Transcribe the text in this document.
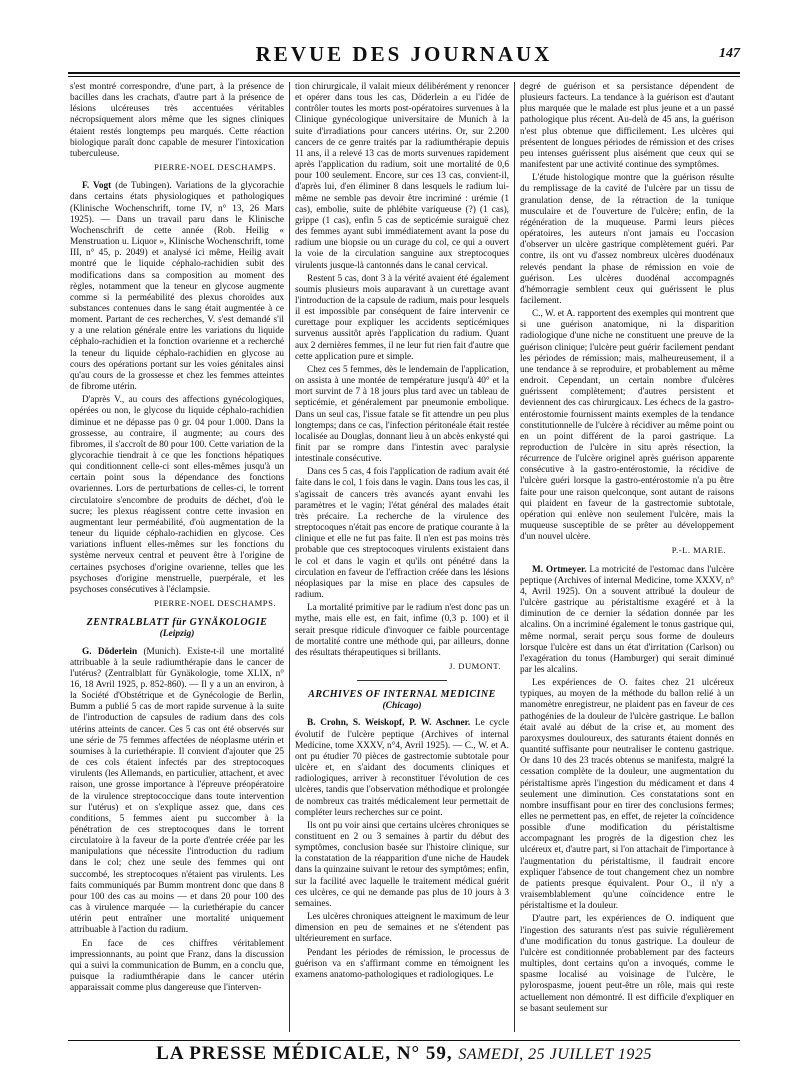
REVUE DES JOURNAUX	147

s'est montré correspondre, d'une part, à la présence de bacilles dans les crachats, d'autre part à la présence de lésions ulcéreuses très accentuées véritables nécropsiquement alors même que les signes cliniques étaient restés longtemps peu marqués. Cette réaction biologique paraît donc capable de mesurer l'intoxication tuberculeuse.

PIERRE-NOEL DESCHAMPS.

F. Vogt (de Tubingen). Variations de la glycorachie dans certains états physiologiques et pathologiques (Klinische Wochenschrift, tome IV, n° 13, 26 Mars 1925). — Dans un travail paru dans le Klinische Wochenschrift de cette année (Rob. Heilig « Menstruation u. Liquor », Klinische Wochenschrift, tome III, n° 45, p. 2049) et analysé ici même, Heilig avait montré que le liquide céphalo-rachidien subit des modifications dans sa composition au moment des règles, notamment que la teneur en glycose augmente comme si la perméabilité des plexus choroïdes aux substances contenues dans le sang était augmentée à ce moment. Partant de ces recherches, V. s'est demandé s'il y a une relation générale entre les variations du liquide céphalo-rachidien et la fonction ovarienne et a recherché la teneur du liquide céphalo-rachidien en glycose au cours des opérations portant sur les voies génitales ainsi qu'au cours de la grossesse et chez les femmes atteintes de fibrome utérin.

D'après V., au cours des affections gynécologiques, opérées ou non, le glycose du liquide céphalo-rachidien diminue et ne dépasse pas 0 gr. 04 pour 1.000. Dans la grossesse, au contraire, il augmente; au cours des fibromes, il s'accroît de 80 pour 100. Cette variation de la glycorachie tiendrait à ce que les fonctions hépatiques qui conditionnent celle-ci sont elles-mêmes jusqu'à un certain point sous la dépendance des fonctions ovariennes. Lors de perturbations de celles-ci, le torrent circulatoire s'encombre de produits de déchet, d'où le sucre; les plexus réagissent contre cette invasion en augmentant leur perméabilité, d'où augmentation de la teneur du liquide céphalo-rachidien en glycose. Ces variations influent elles-mêmes sur les fonctions du système nerveux central et peuvent être à l'origine de certaines psychoses d'origine ovarienne, telles que les psychoses d'origine menstruelle, puerpérale, et les psychoses consécutives à l'éclampsie.

PIERRE-NOEL DESCHAMPS.
ZENTRALBLATT für GYNÄKOLOGIE
(Leipzig)

G. Döderlein (Munich). Existe-t-il une mortalité attribuable à la seule radiumthérapie dans le cancer de l'utérus? (Zentralblatt für Gynäkologie, tome XLIX, n° 16, 18 Avril 1925, p. 852-860). — Il y a un an environ, à la Société d'Obstétrique et de Gynécologie de Berlin, Bumm a publié 5 cas de mort rapide survenue à la suite de l'introduction de capsules de radium dans des cols utérins atteints de cancer. Ces 5 cas ont été observés sur une série de 75 femmes affectées de néoplasme utérin et soumises à la curiethérapie. Il convient d'ajouter que 25 de ces cols étaient infectés par des streptocoques virulents (les Allemands, en particulier, attachent, et avec raison, une grosse importance à l'épreuve préopératoire de la virulence streptococcique dans toute intervention sur l'utérus) et on s'explique assez que, dans ces conditions, 5 femmes aient pu succomber à la pénétration de ces streptocoques dans le torrent circulatoire à la faveur de la porte d'entrée créée par les manipulations que nécessite l'introduction du radium dans le col; chez une seule des femmes qui ont succombé, les streptocoques n'étaient pas virulents. Les faits communiqués par Bumm montrent donc que dans 8 pour 100 des cas au moins — et dans 20 pour 100 des cas à virulence marquée — la curiethérapie du cancer utérin peut entraîner une mortalité uniquement attribuable à l'action du radium.

En face de ces chiffres véritablement impressionnants, au point que Franz, dans la discussion qui a suivi la communication de Bumm, en a conclu que, puisque la radiumthérapie dans le cancer utérin apparaissait comme plus dangereuse que l'interven-

tion chirurgicale, il valait mieux délibérément y renoncer et opérer dans tous les cas, Döderlein a eu l'idée de contrôler toutes les morts post-opératoires survenues à la Clinique gynécologique universitaire de Munich à la suite d'irradiations pour cancers utérins. Or, sur 2.200 cancers de ce genre traités par la radiumthérapie depuis 11 ans, il a relevé 13 cas de morts survenues rapidement après l'application du radium, soit une mortalité de 0,6 pour 100 seulement. Encore, sur ces 13 cas, convient-il, d'après lui, d'en éliminer 8 dans lesquels le radium lui-même ne semble pas devoir être incriminé : urémie (1 cas), embolie, suite de phlébite variqueuse (?) (1 cas), grippe (1 cas), enfin 5 cas de septicémie suraiguë chez des femmes ayant subi immédiatement avant la pose du radium une biopsie ou un curage du col, ce qui a ouvert la voie de la circulation sanguine aux streptocoques virulents jusque-là cantonnés dans le canal cervical.

Restent 5 cas, dont 3 à la vérité avaient été également soumis plusieurs mois auparavant à un curettage avant l'introduction de la capsule de radium, mais pour lesquels il est impossible par conséquent de faire intervenir ce curettage pour expliquer les accidents septicémiques survenus aussitôt après l'application du radium. Quant aux 2 dernières femmes, il ne leur fut rien fait d'autre que cette application pure et simple.

Chez ces 5 femmes, dès le lendemain de l'application, on assista à une montée de température jusqu'à 40° et la mort survint de 7 à 18 jours plus tard avec un tableau de septicémie, et généralement par pneumonie embolique. Dans un seul cas, l'issue fatale se fit attendre un peu plus longtemps; dans ce cas, l'infection péritonéale était restée localisée au Douglas, donnant lieu à un abcès enkysté qui finit par se rompre dans l'intestin avec paralysie intestinale consécutive.

Dans ces 5 cas, 4 fois l'application de radium avait été faite dans le col, 1 fois dans le vagin. Dans tous les cas, il s'agissait de cancers très avancés ayant envahi les paramètres et le vagin; l'état général des malades était très précaire. La recherche de la virulence des streptocoques n'était pas encore de pratique courante à la clinique et elle ne fut pas faite. Il n'en est pas moins très probable que ces streptocoques virulents existaient dans le col et dans le vagin et qu'ils ont pénétré dans la circulation en faveur de l'effraction créée dans les lésions néoplasiques par la mise en place des capsules de radium.

La mortalité primitive par le radium n'est donc pas un mythe, mais elle est, en fait, infime (0,3 p. 100) et il serait presque ridicule d'invoquer ce faible pourcentage de mortalité contre une méthode qui, par ailleurs, donne des résultats thérapeutiques si brillants.

J. DUMONT.
ARCHIVES OF INTERNAL MEDICINE
(Chicago)

B. Crohn, S. Weiskopf, P. W. Aschner. Le cycle évolutif de l'ulcère peptique (Archives of internal Medicine, tome XXXV, n°4, Avril 1925). — C., W. et A. ont pu étudier 70 pièces de gastrectomie subtotale pour ulcère et, en s'aidant des documents cliniques et radiologiques, arriver à reconstituer l'évolution de ces ulcères, tandis que l'observation méthodique et prolongée de nombreux cas traités médicalement leur permettait de compléter leurs recherches sur ce point.

Ils ont pu voir ainsi que certains ulcères chroniques se constituent en 2 ou 3 semaines à partir du début des symptômes, conclusion basée sur l'histoire clinique, sur la constatation de la réapparition d'une niche de Haudek dans la quinzaine suivant le retour des symptômes; enfin, sur la facilité avec laquelle le traitement médical guérit ces ulcères, ce qui ne demande pas plus de 10 jours à 3 semaines.

Les ulcères chroniques atteignent le maximum de leur dimension en peu de semaines et ne s'étendent pas ultérieurement en surface.

Pendant les périodes de rémission, le processus de guérison va en s'affirmant comme en témoignent les examens anatomo-pathologiques et radiologiques. Le

degré de guérison et sa persistance dépendent de plusieurs facteurs. La tendance à la guérison est d'autant plus marquée que le malade est plus jeune et a un passé pathologique plus récent. Au-delà de 45 ans, la guérison n'est plus obtenue que difficilement. Les ulcères qui présentent de longues périodes de rémission et des crises peu intenses guérissent plus aisément que ceux qui se manifestent par une activité continue des symptômes.

L'étude histologique montre que la guérison résulte du remplissage de la cavité de l'ulcère par un tissu de granulation dense, de la rétraction de la tunique musculaire et de l'ouverture de l'ulcère; enfin, de la régénération de la muqueuse. Parmi leurs pièces opératoires, les auteurs n'ont jamais eu l'occasion d'observer un ulcère gastrique complètement guéri. Par contre, ils ont vu d'assez nombreux ulcères duodénaux relevés pendant la phase de rémission en voie de guérison. Les ulcères duodénal accompagnés d'hémorragie semblent ceux qui guérissent le plus facilement.

C., W. et A. rapportent des exemples qui montrent que si une guérison anatomique, ni la disparition radiologique d'une niche ne constituent une preuve de la guérison clinique; l'ulcère peut guérir facilement pendant les périodes de rémission; mais, malheureusement, il a une tendance à se reproduire, et probablement au même endroit. Cependant, un certain nombre d'ulcères guérissent complètement; d'autres persistent et deviennent des cas chirurgicaux. Les échecs de la gastro-entérostomie fournissent maints exemples de la tendance constitutionnelle de l'ulcère à récidiver au même point ou en un point différent de la paroi gastrique. La reproduction de l'ulcère in situ après résection, la récurrence de l'ulcère originel après guérison apparente consécutive à la gastro-entérostomie, la récidive de l'ulcère guéri lorsque la gastro-entérostomie n'a pu être faite pour une raison quelconque, sont autant de raisons qui plaident en faveur de la gastrectomie subtotale, opération qui enlève non seulement l'ulcère, mais la muqueuse susceptible de se prêter au développement d'un nouvel ulcère.

P.-L. MARIE.

M. Ortmeyer. La motricité de l'estomac dans l'ulcère peptique (Archives of internal Medicine, tome XXXV, n° 4, Avril 1925). On a souvent attribué la douleur de l'ulcère gastrique au péristaltisme exagéré et à la diminution de ce dernier la sédation donnée par les alcalins. On a incriminé également le tonus gastrique qui, même normal, serait perçu sous forme de douleurs lorsque l'ulcère est dans un état d'irritation (Carlson) ou l'exagération du tonus (Hamburger) qui serait diminué par les alcalins.

Les expériences de O. faites chez 21 ulcéreux typiques, au moyen de la méthode du ballon relié à un manomètre enregistreur, ne plaident pas en faveur de ces pathogénies de la douleur de l'ulcère gastrique. Le ballon était avalé au début de la crise et, au moment des paroxysmes douloureux, des saturants étaient donnés en quantité suffisante pour neutraliser le contenu gastrique. Or dans 10 des 23 tracés obtenus se manifesta, malgré la cessation complète de la douleur, une augmentation du péristaltisme après l'ingestion du médicament et dans 4 seulement une diminution. Ces constatations sont en nombre insuffisant pour en tirer des conclusions fermes; elles ne permettent pas, en effet, de rejeter la coïncidence possible d'une modification du péristaltisme accompagnant les progrès de la digestion chez les ulcéreux et, d'autre part, si l'on attachait de l'importance à l'augmentation du péristaltisme, il faudrait encore expliquer l'absence de tout changement chez un nombre de patients presque équivalent. Pour O., il n'y a vraisemblablement qu'une coïncidence entre le péristaltisme et la douleur.

D'autre part, les expériences de O. indiquent que l'ingestion des saturants n'est pas suivie régulièrement d'une modification du tonus gastrique. La douleur de l'ulcère est conditionnée probablement par des facteurs multiples, dont certains qu'on a invoqués, comme le spasme localisé au voisinage de l'ulcère, le pylorospasme, jouent peut-être un rôle, mais qui reste actuellement non démontré. Il est difficile d'expliquer en se basant seulement sur

LA PRESSE MÉDICALE, N° 59, SAMEDI, 25 JUILLET 1925
